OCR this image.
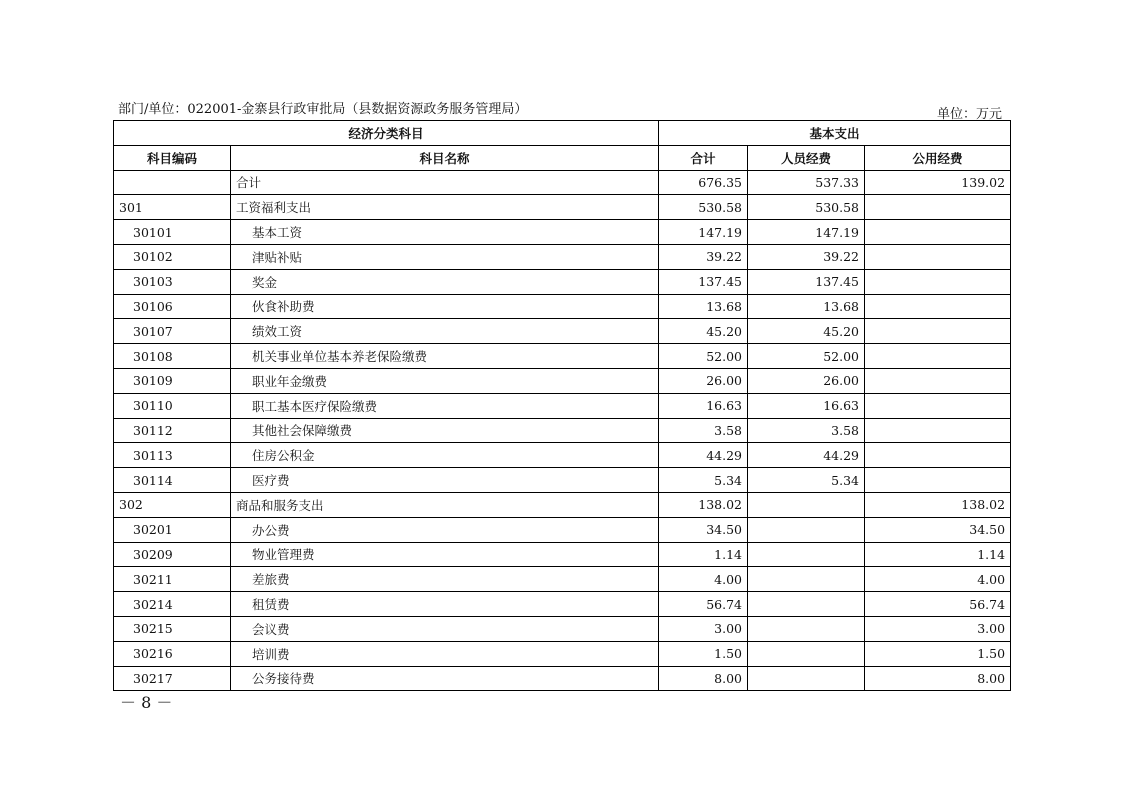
部门/单位：022001-金寨县行政审批局（县数据资源政务服务管理局）	单位：万元
经济分类科目		基本支出		
科目编码	科目名称	合计	人员经费	公用经费
	合计	676.35	537.33	139.02
301	工资福利支出	530.58	530.58	
30101	基本工资	147.19	147.19	
30102	津贴补贴	39.22	39.22	
30103	奖金	137.45	137.45	
30106	伙食补助费	13.68	13.68	
30107	绩效工资	45.20	45.20	
30108	机关事业单位基本养老保险缴费	52.00	52.00	
30109	职业年金缴费	26.00	26.00	
30110	职工基本医疗保险缴费	16.63	16.63	
30112	其他社会保障缴费	3.58	3.58	
30113	住房公积金	44.29	44.29	
30114	医疗费	5.34	5.34	
302	商品和服务支出	138.02		138.02
30201	办公费	34.50		34.50
30209	物业管理费	1.14		1.14
30211	差旅费	4.00		4.00
30214	租赁费	56.74		56.74
30215	会议费	3.00		3.00
30216	培训费	1.50		1.50
30217	公务接待费	8.00		8.00
－ 8 －
